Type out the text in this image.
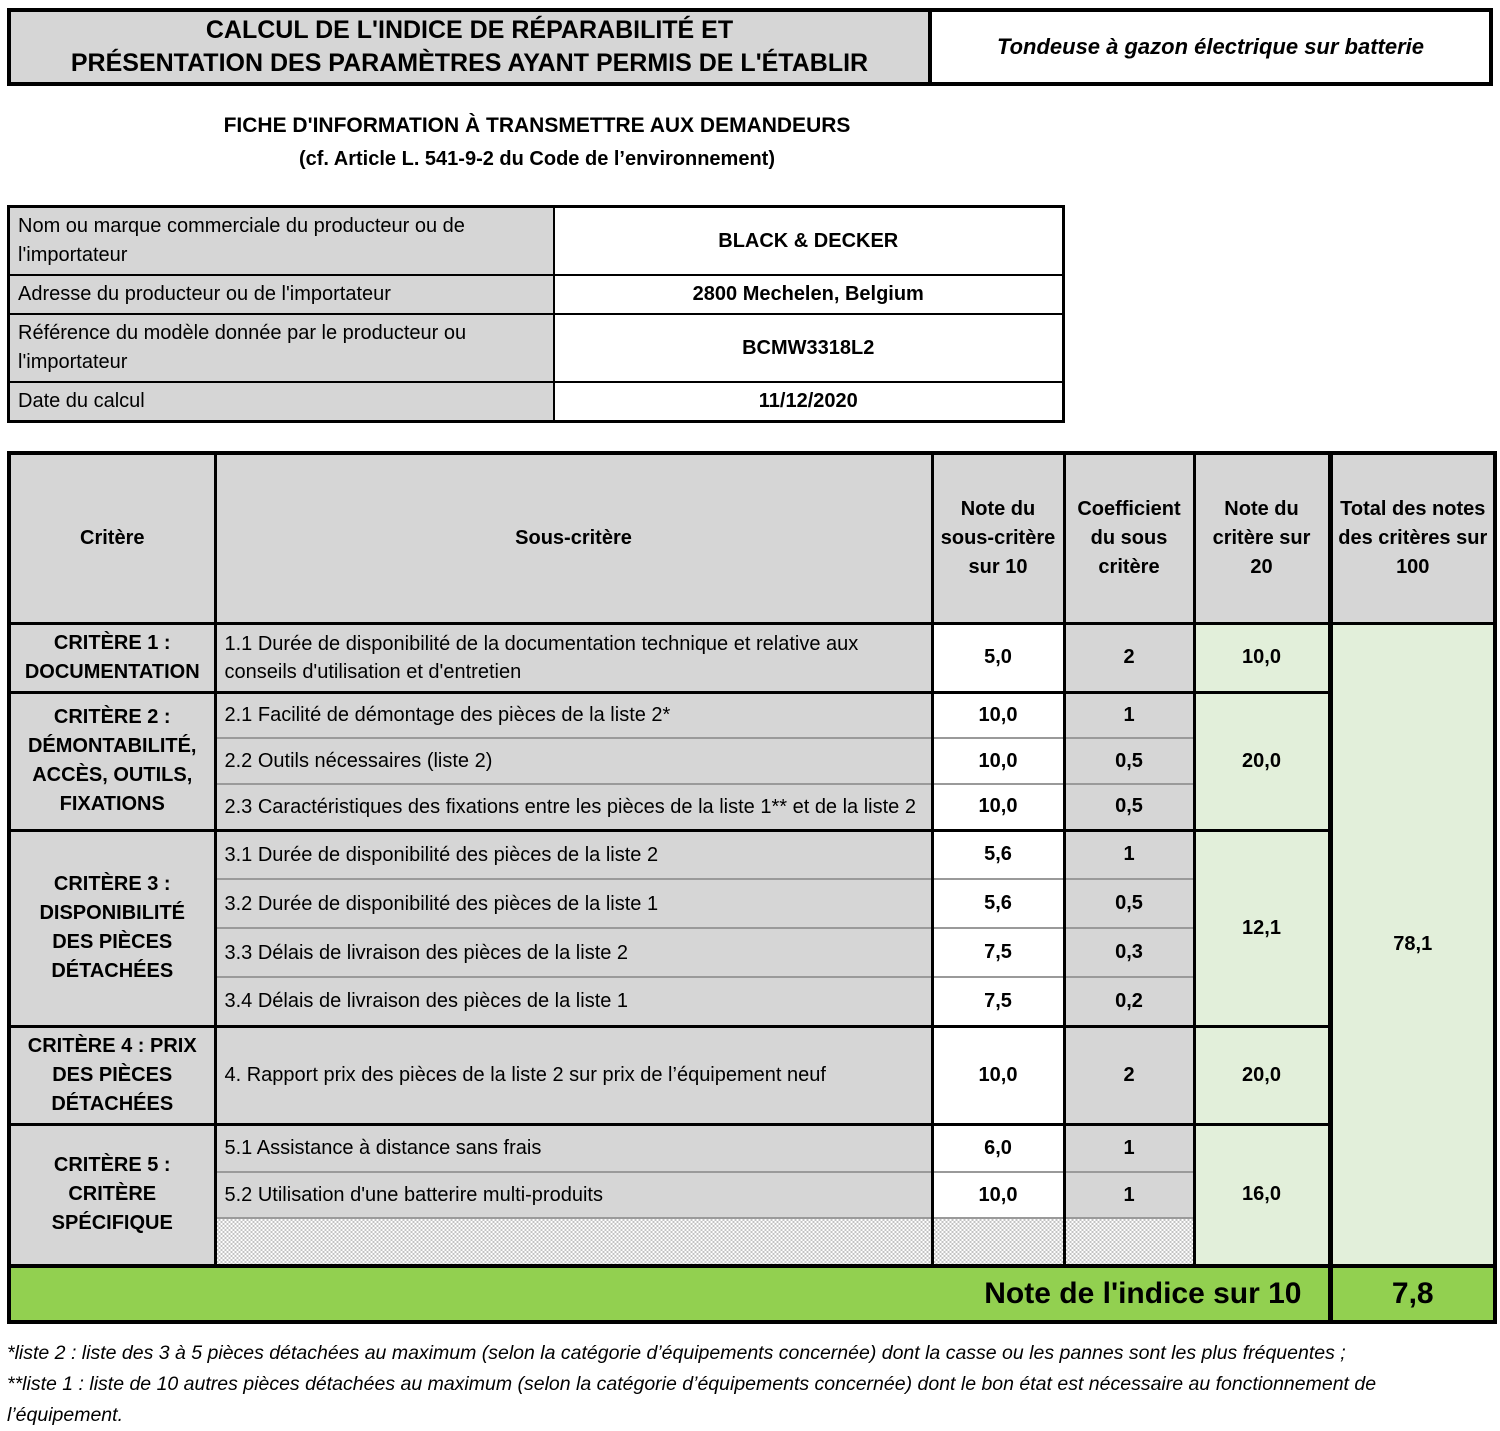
CALCUL DE L'INDICE DE RÉPARABILITÉ ET
PRÉSENTATION DES PARAMÈTRES AYANT PERMIS DE L'ÉTABLIR
Tondeuse à gazon électrique sur batterie
FICHE D'INFORMATION À TRANSMETTRE AUX DEMANDEURS
(cf. Article L. 541-9-2 du Code de l’environnement)
Nom ou marque commerciale du producteur ou de l'importateur	BLACK & DECKER
Adresse du producteur ou de l'importateur	2800 Mechelen, Belgium
Référence du modèle donnée par le producteur ou l'importateur	BCMW3318L2
Date du calcul	11/12/2020
Critère	Sous-critère	Note du sous-critère sur 10	Coefficient du sous critère	Note du critère sur 20	Total des notes des critères sur 100
CRITÈRE 1 : DOCUMENTATION	1.1 Durée de disponibilité de la documentation technique et relative aux conseils d'utilisation et d'entretien	5,0	2	10,0	78,1
CRITÈRE 2 : DÉMONTABILITÉ, ACCÈS, OUTILS, FIXATIONS	2.1 Facilité de démontage des pièces de la liste 2*	10,0	1	20,0	
	2.2 Outils nécessaires (liste 2)	10,0	0,5		
	2.3 Caractéristiques des fixations entre les pièces de la liste 1** et de la liste 2	10,0	0,5		
CRITÈRE 3 : DISPONIBILITÉ DES PIÈCES DÉTACHÉES	3.1 Durée de disponibilité des pièces de la liste 2	5,6	1	12,1	
	3.2 Durée de disponibilité des pièces de la liste 1	5,6	0,5		
	3.3 Délais de livraison des pièces de la liste 2	7,5	0,3		
	3.4 Délais de livraison des pièces de la liste 1	7,5	0,2		
CRITÈRE 4 : PRIX DES PIÈCES DÉTACHÉES	4. Rapport prix des pièces de la liste 2 sur prix de l’équipement neuf	10,0	2	20,0	
CRITÈRE 5 : CRITÈRE SPÉCIFIQUE	5.1 Assistance à distance sans frais	6,0	1	16,0	
	5.2 Utilisation d'une batterire multi-produits	10,0	1		

Note de l'indice sur 10					7,8
*liste 2 : liste des 3 à 5 pièces détachées au maximum (selon la catégorie d’équipements concernée) dont la casse ou les pannes sont les plus fréquentes ;
**liste 1 : liste de 10 autres pièces détachées au maximum (selon la catégorie d’équipements concernée) dont le bon état est nécessaire au fonctionnement de
l’équipement.
